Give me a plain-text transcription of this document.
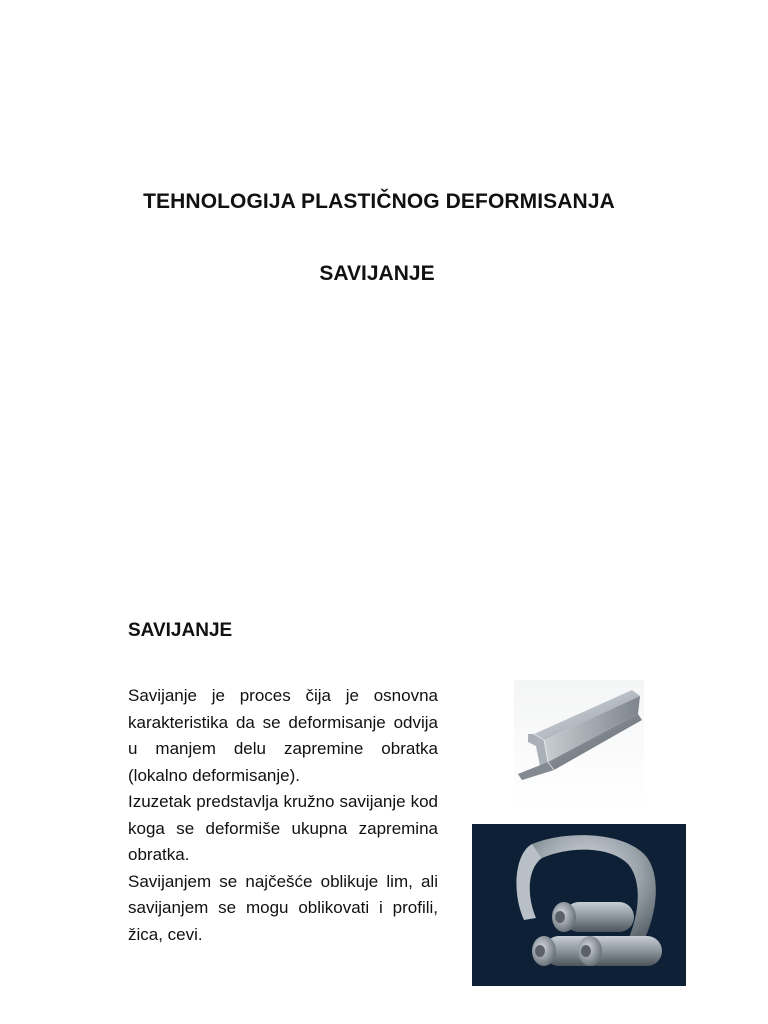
TEHNOLOGIJA PLASTIČNOG DEFORMISANJA
SAVIJANJE
SAVIJANJE

Savijanje je proces čija je osnovna karakteristika da se deformisanje odvija u manjem delu zapremine obratka (lokalno deformisanje).

Izuzetak predstavlja kružno savijanje kod koga se deformiše ukupna zapremina obratka.

Savijanjem se najčešće oblikuje lim, ali savijanjem se mogu oblikovati i profili, žica, cevi.
